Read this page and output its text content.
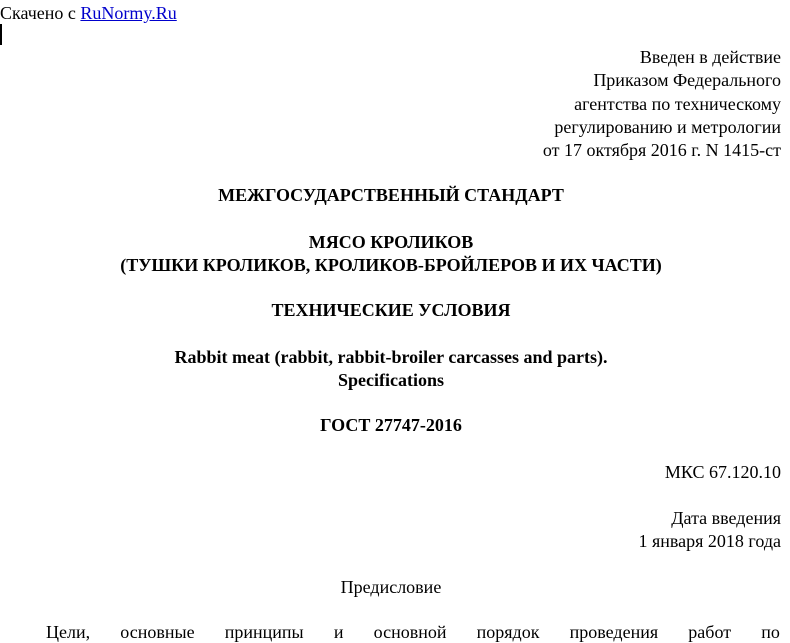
Скачено с RuNormy.Ru
Введен в действие
Приказом Федерального
агентства по техническому
регулированию и метрологии
от 17 октября 2016 г. N 1415-ст
МЕЖГОСУДАРСТВЕННЫЙ СТАНДАРТ
МЯСО КРОЛИКОВ
(ТУШКИ КРОЛИКОВ, КРОЛИКОВ-БРОЙЛЕРОВ И ИХ ЧАСТИ)
ТЕХНИЧЕСКИЕ УСЛОВИЯ
Rabbit meat (rabbit, rabbit-broiler carcasses and parts).
Specifications
ГОСТ 27747-2016
МКС 67.120.10
Дата введения
1 января 2018 года
Предисловие
Цели, основные принципы и основной порядок проведения работ по
